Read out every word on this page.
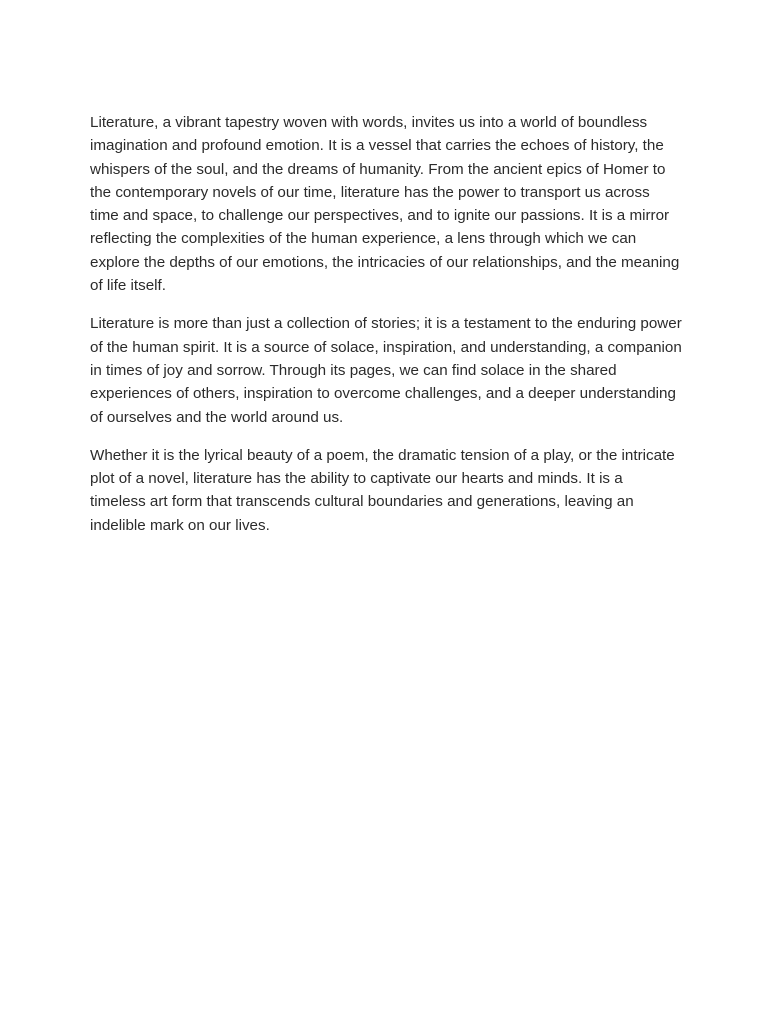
Literature, a vibrant tapestry woven with words, invites us into a world of boundless imagination and profound emotion. It is a vessel that carries the echoes of history, the whispers of the soul, and the dreams of humanity. From the ancient epics of Homer to the contemporary novels of our time, literature has the power to transport us across time and space, to challenge our perspectives, and to ignite our passions. It is a mirror reflecting the complexities of the human experience, a lens through which we can explore the depths of our emotions, the intricacies of our relationships, and the meaning of life itself.

Literature is more than just a collection of stories; it is a testament to the enduring power of the human spirit. It is a source of solace, inspiration, and understanding, a companion in times of joy and sorrow. Through its pages, we can find solace in the shared experiences of others, inspiration to overcome challenges, and a deeper understanding of ourselves and the world around us.

Whether it is the lyrical beauty of a poem, the dramatic tension of a play, or the intricate plot of a novel, literature has the ability to captivate our hearts and minds. It is a timeless art form that transcends cultural boundaries and generations, leaving an indelible mark on our lives.
